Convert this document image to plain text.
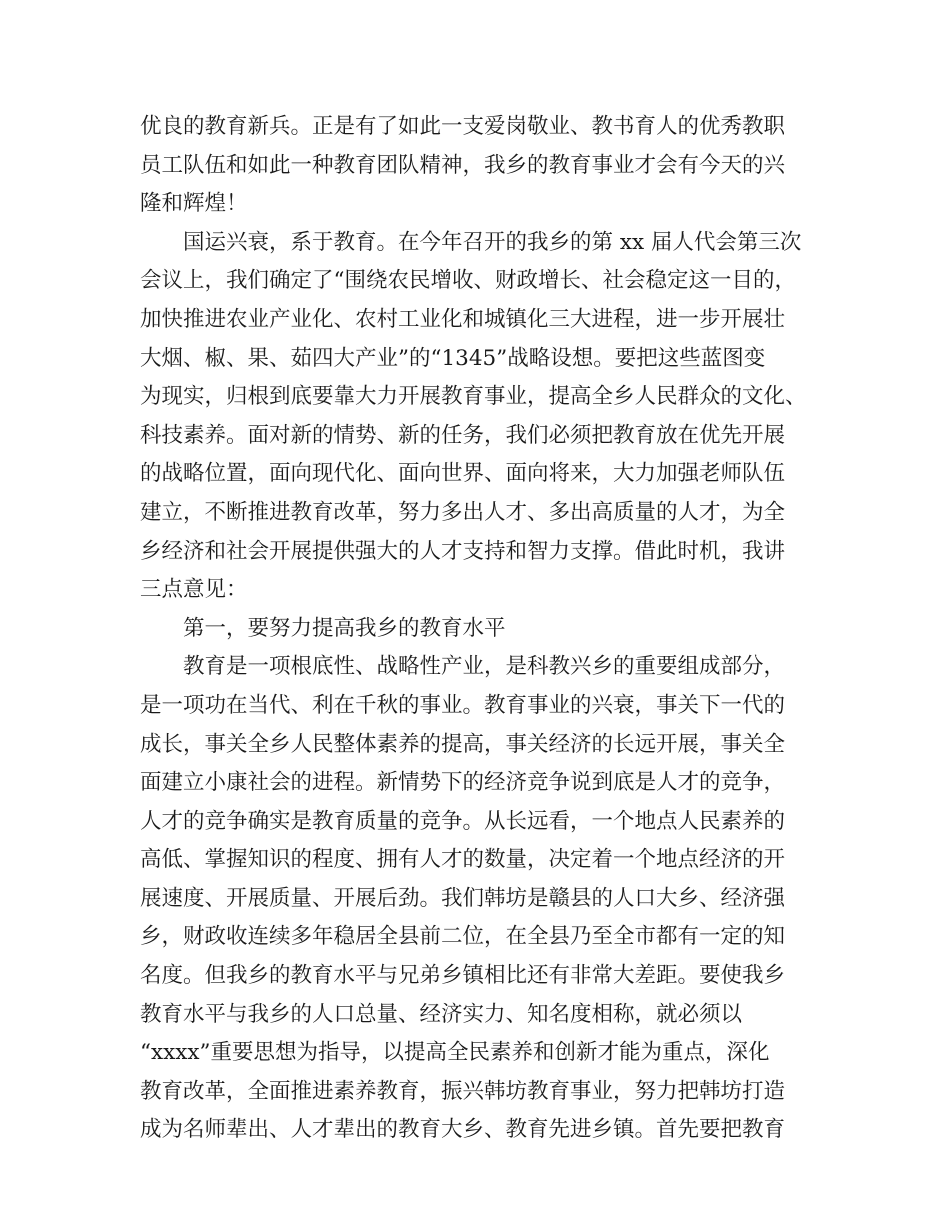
优良的教育新兵。正是有了如此一支爱岗敬业、教书育人的优秀教职
员工队伍和如此一种教育团队精神，我乡的教育事业才会有今天的兴
隆和辉煌！
国运兴衰，系于教育。在今年召开的我乡的第 xx 届人代会第三次
会议上，我们确定了“围绕农民增收、财政增长、社会稳定这一目的，
加快推进农业产业化、农村工业化和城镇化三大进程，进一步开展壮
大烟、椒、果、茹四大产业”的“1345”战略设想。要把这些蓝图变
为现实，归根到底要靠大力开展教育事业，提高全乡人民群众的文化、
科技素养。面对新的情势、新的任务，我们必须把教育放在优先开展
的战略位置，面向现代化、面向世界、面向将来，大力加强老师队伍
建立，不断推进教育改革，努力多出人才、多出高质量的人才，为全
乡经济和社会开展提供强大的人才支持和智力支撑。借此时机，我讲
三点意见：
第一，要努力提高我乡的教育水平
教育是一项根底性、战略性产业，是科教兴乡的重要组成部分，
是一项功在当代、利在千秋的事业。教育事业的兴衰，事关下一代的
成长，事关全乡人民整体素养的提高，事关经济的长远开展，事关全
面建立小康社会的进程。新情势下的经济竞争说到底是人才的竞争，
人才的竞争确实是教育质量的竞争。从长远看，一个地点人民素养的
高低、掌握知识的程度、拥有人才的数量，决定着一个地点经济的开
展速度、开展质量、开展后劲。我们韩坊是赣县的人口大乡、经济强
乡，财政收连续多年稳居全县前二位，在全县乃至全市都有一定的知
名度。但我乡的教育水平与兄弟乡镇相比还有非常大差距。要使我乡
教育水平与我乡的人口总量、经济实力、知名度相称，就必须以
“xxxx”重要思想为指导，以提高全民素养和创新才能为重点，深化
教育改革，全面推进素养教育，振兴韩坊教育事业，努力把韩坊打造
成为名师辈出、人才辈出的教育大乡、教育先进乡镇。首先要把教育
